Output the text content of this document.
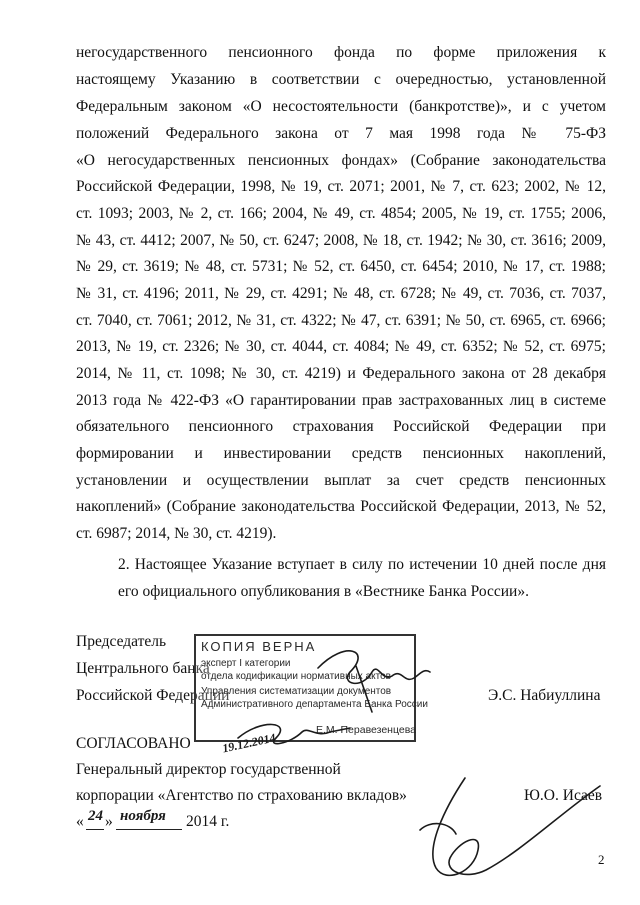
негосударственного пенсионного фонда по форме приложения к
настоящему Указанию в соответствии с очередностью, установленной
Федеральным законом «О несостоятельности (банкротстве)», и с учетом
положений Федерального закона от 7 мая 1998 года № 75-ФЗ
«О негосударственных пенсионных фондах» (Собрание законодательства
Российской Федерации, 1998, № 19, ст. 2071; 2001, № 7, ст. 623; 2002, № 12,
ст. 1093; 2003, № 2, ст. 166; 2004, № 49, ст. 4854; 2005, № 19, ст. 1755; 2006,
№ 43, ст. 4412; 2007, № 50, ст. 6247; 2008, № 18, ст. 1942; № 30, ст. 3616; 2009,
№ 29, ст. 3619; № 48, ст. 5731; № 52, ст. 6450, ст. 6454; 2010, № 17, ст. 1988;
№ 31, ст. 4196; 2011, № 29, ст. 4291; № 48, ст. 6728; № 49, ст. 7036, ст. 7037,
ст. 7040, ст. 7061; 2012, № 31, ст. 4322; № 47, ст. 6391; № 50, ст. 6965, ст. 6966;
2013, № 19, ст. 2326; № 30, ст. 4044, ст. 4084; № 49, ст. 6352; № 52, ст. 6975;
2014, № 11, ст. 1098; № 30, ст. 4219) и Федерального закона от 28 декабря
2013 года № 422-ФЗ «О гарантировании прав застрахованных лиц в системе
обязательного пенсионного страхования Российской Федерации при
формировании и инвестировании средств пенсионных накоплений,
установлении и осуществлении выплат за счет средств пенсионных
накоплений» (Собрание законодательства Российской Федерации, 2013, № 52,
ст. 6987; 2014, № 30, ст. 4219).
2. Настоящее Указание вступает в силу по истечении 10 дней после дня
его официального опубликования в «Вестнике Банка России».
Председатель
Центрального банка
Российской Федерации	Э.С. Набиуллина
СОГЛАСОВАНО
Генеральный директор государственной
корпорации «Агентство по страхованию вкладов»	Ю.О. Исаев
« 24 » ноября 2014 г.
КОПИЯ ВЕРНА
эксперт I категории
отдела кодификации нормативных актов
Управления систематизации документов
Административного департамента Банка России
Е.М. Перавезенцева
19.12.2014
2
